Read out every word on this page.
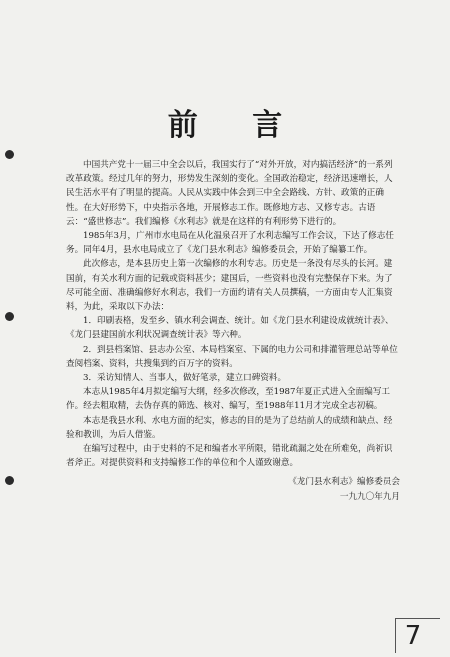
前 言

中国共产党十一届三中全会以后，我国实行了“对外开放，对内搞活经济”的一系列改革政策。经过几年的努力，形势发生深刻的变化。全国政治稳定，经济迅速增长，人民生活水平有了明显的提高。人民从实践中体会到三中全会路线、方针、政策的正确性。在大好形势下，中央指示各地，开展修志工作。既修地方志、又修专志。古语云：“盛世修志”。我们编修《水利志》就是在这样的有利形势下进行的。

1985年3月，广州市水电局在从化温泉召开了水利志编写工作会议，下达了修志任务。同年4月，县水电局成立了《龙门县水利志》编修委员会，开始了编纂工作。

此次修志，是本县历史上第一次编修的水利专志。历史是一条没有尽头的长河。建国前，有关水利方面的记载或资料甚少；建国后，一些资料也没有完整保存下来。为了尽可能全面、准确编修好水利志，我们一方面约请有关人员撰稿，一方面由专人汇集资料，为此，采取以下办法：

1．印刷表格，发至乡、镇水利会调查、统计。如《龙门县水利建设成就统计表》、《龙门县建国前水利状况调查统计表》等六种。

2．到县档案馆、县志办公室、本局档案室、下属的电力公司和排灌管理总站等单位查阅档案、资料，共搜集到约百万字的资料。

3．采访知情人、当事人，做好笔录，建立口碑资料。

本志从1985年4月拟定编写大纲，经多次修改，至1987年夏正式进入全面编写工作。经去粗取精，去伪存真的筛选、核对、编写，至1988年11月才完成全志初稿。

本志是我县水利、水电方面的纪实，修志的目的是为了总结前人的成绩和缺点、经验和教训，为后人借鉴。

在编写过程中，由于史料的不足和编者水平所限，错讹疏漏之处在所难免，尚祈识者斧正。对提供资料和支持编修工作的单位和个人谨致谢意。

《龙门县水利志》编修委员会
一九九〇年九月
7
